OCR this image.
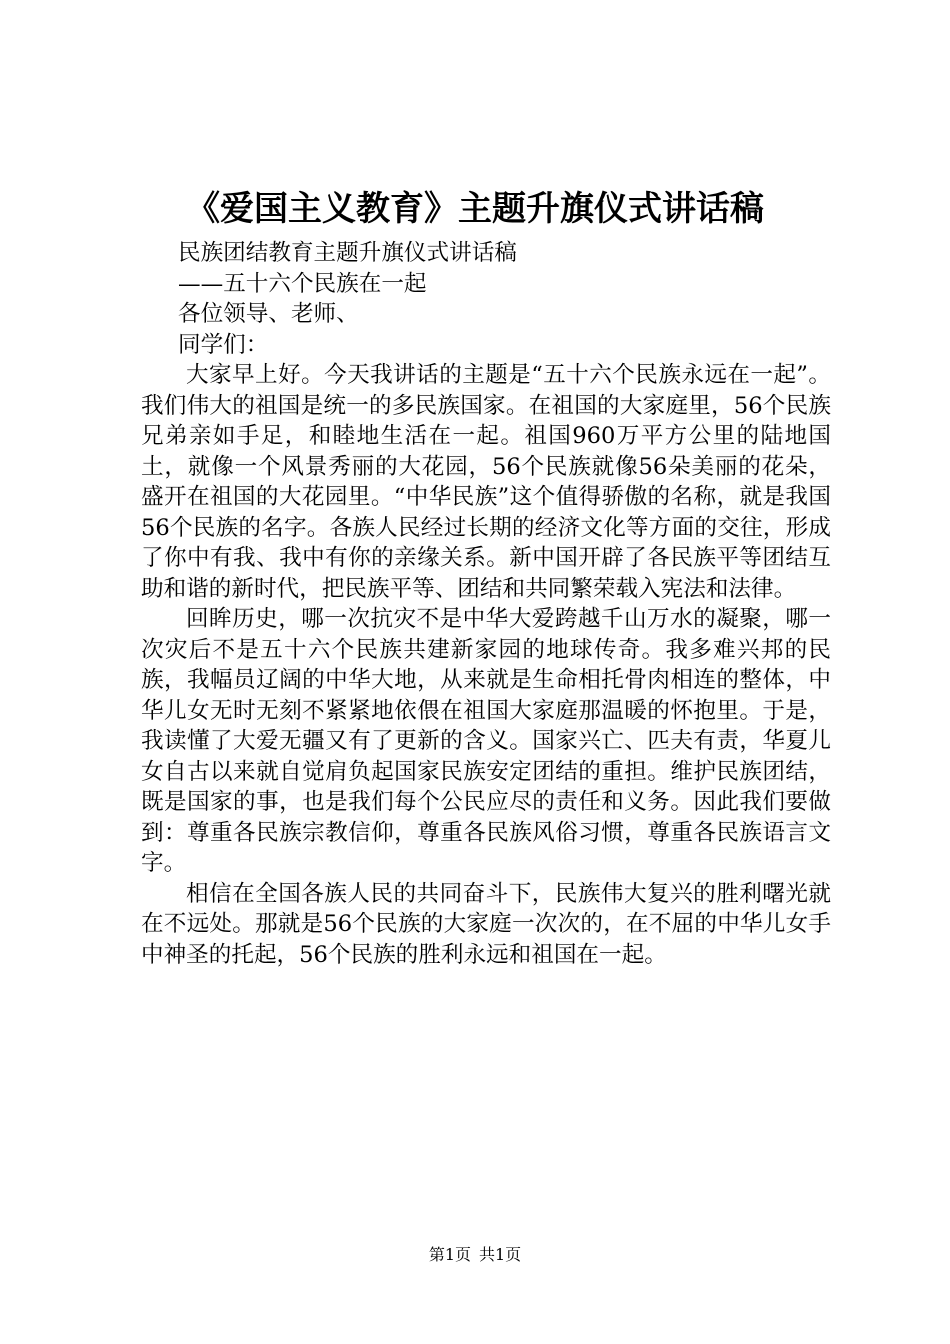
《爱国主义教育》主题升旗仪式讲话稿

民族团结教育主题升旗仪式讲话稿

——五十六个民族在一起

各位领导、老师、

同学们：

大家早上好。今天我讲话的主题是“五十六个民族永远在一起”。我们伟大的祖国是统一的多民族国家。在祖国的大家庭里，56个民族兄弟亲如手足，和睦地生活在一起。祖国960万平方公里的陆地国土，就像一个风景秀丽的大花园，56个民族就像56朵美丽的花朵，盛开在祖国的大花园里。“中华民族”这个值得骄傲的名称，就是我国56个民族的名字。各族人民经过长期的经济文化等方面的交往，形成了你中有我、我中有你的亲缘关系。新中国开辟了各民族平等团结互助和谐的新时代，把民族平等、团结和共同繁荣载入宪法和法律。

回眸历史，哪一次抗灾不是中华大爱跨越千山万水的凝聚，哪一次灾后不是五十六个民族共建新家园的地球传奇。我多难兴邦的民族，我幅员辽阔的中华大地，从来就是生命相托骨肉相连的整体，中华儿女无时无刻不紧紧地依偎在祖国大家庭那温暖的怀抱里。于是，我读懂了大爱无疆又有了更新的含义。国家兴亡、匹夫有责，华夏儿女自古以来就自觉肩负起国家民族安定团结的重担。维护民族团结，既是国家的事，也是我们每个公民应尽的责任和义务。因此我们要做到：尊重各民族宗教信仰，尊重各民族风俗习惯，尊重各民族语言文字。

相信在全国各族人民的共同奋斗下，民族伟大复兴的胜利曙光就在不远处。那就是56个民族的大家庭一次次的，在不屈的中华儿女手中神圣的托起，56个民族的胜利永远和祖国在一起。

第1页 共1页
